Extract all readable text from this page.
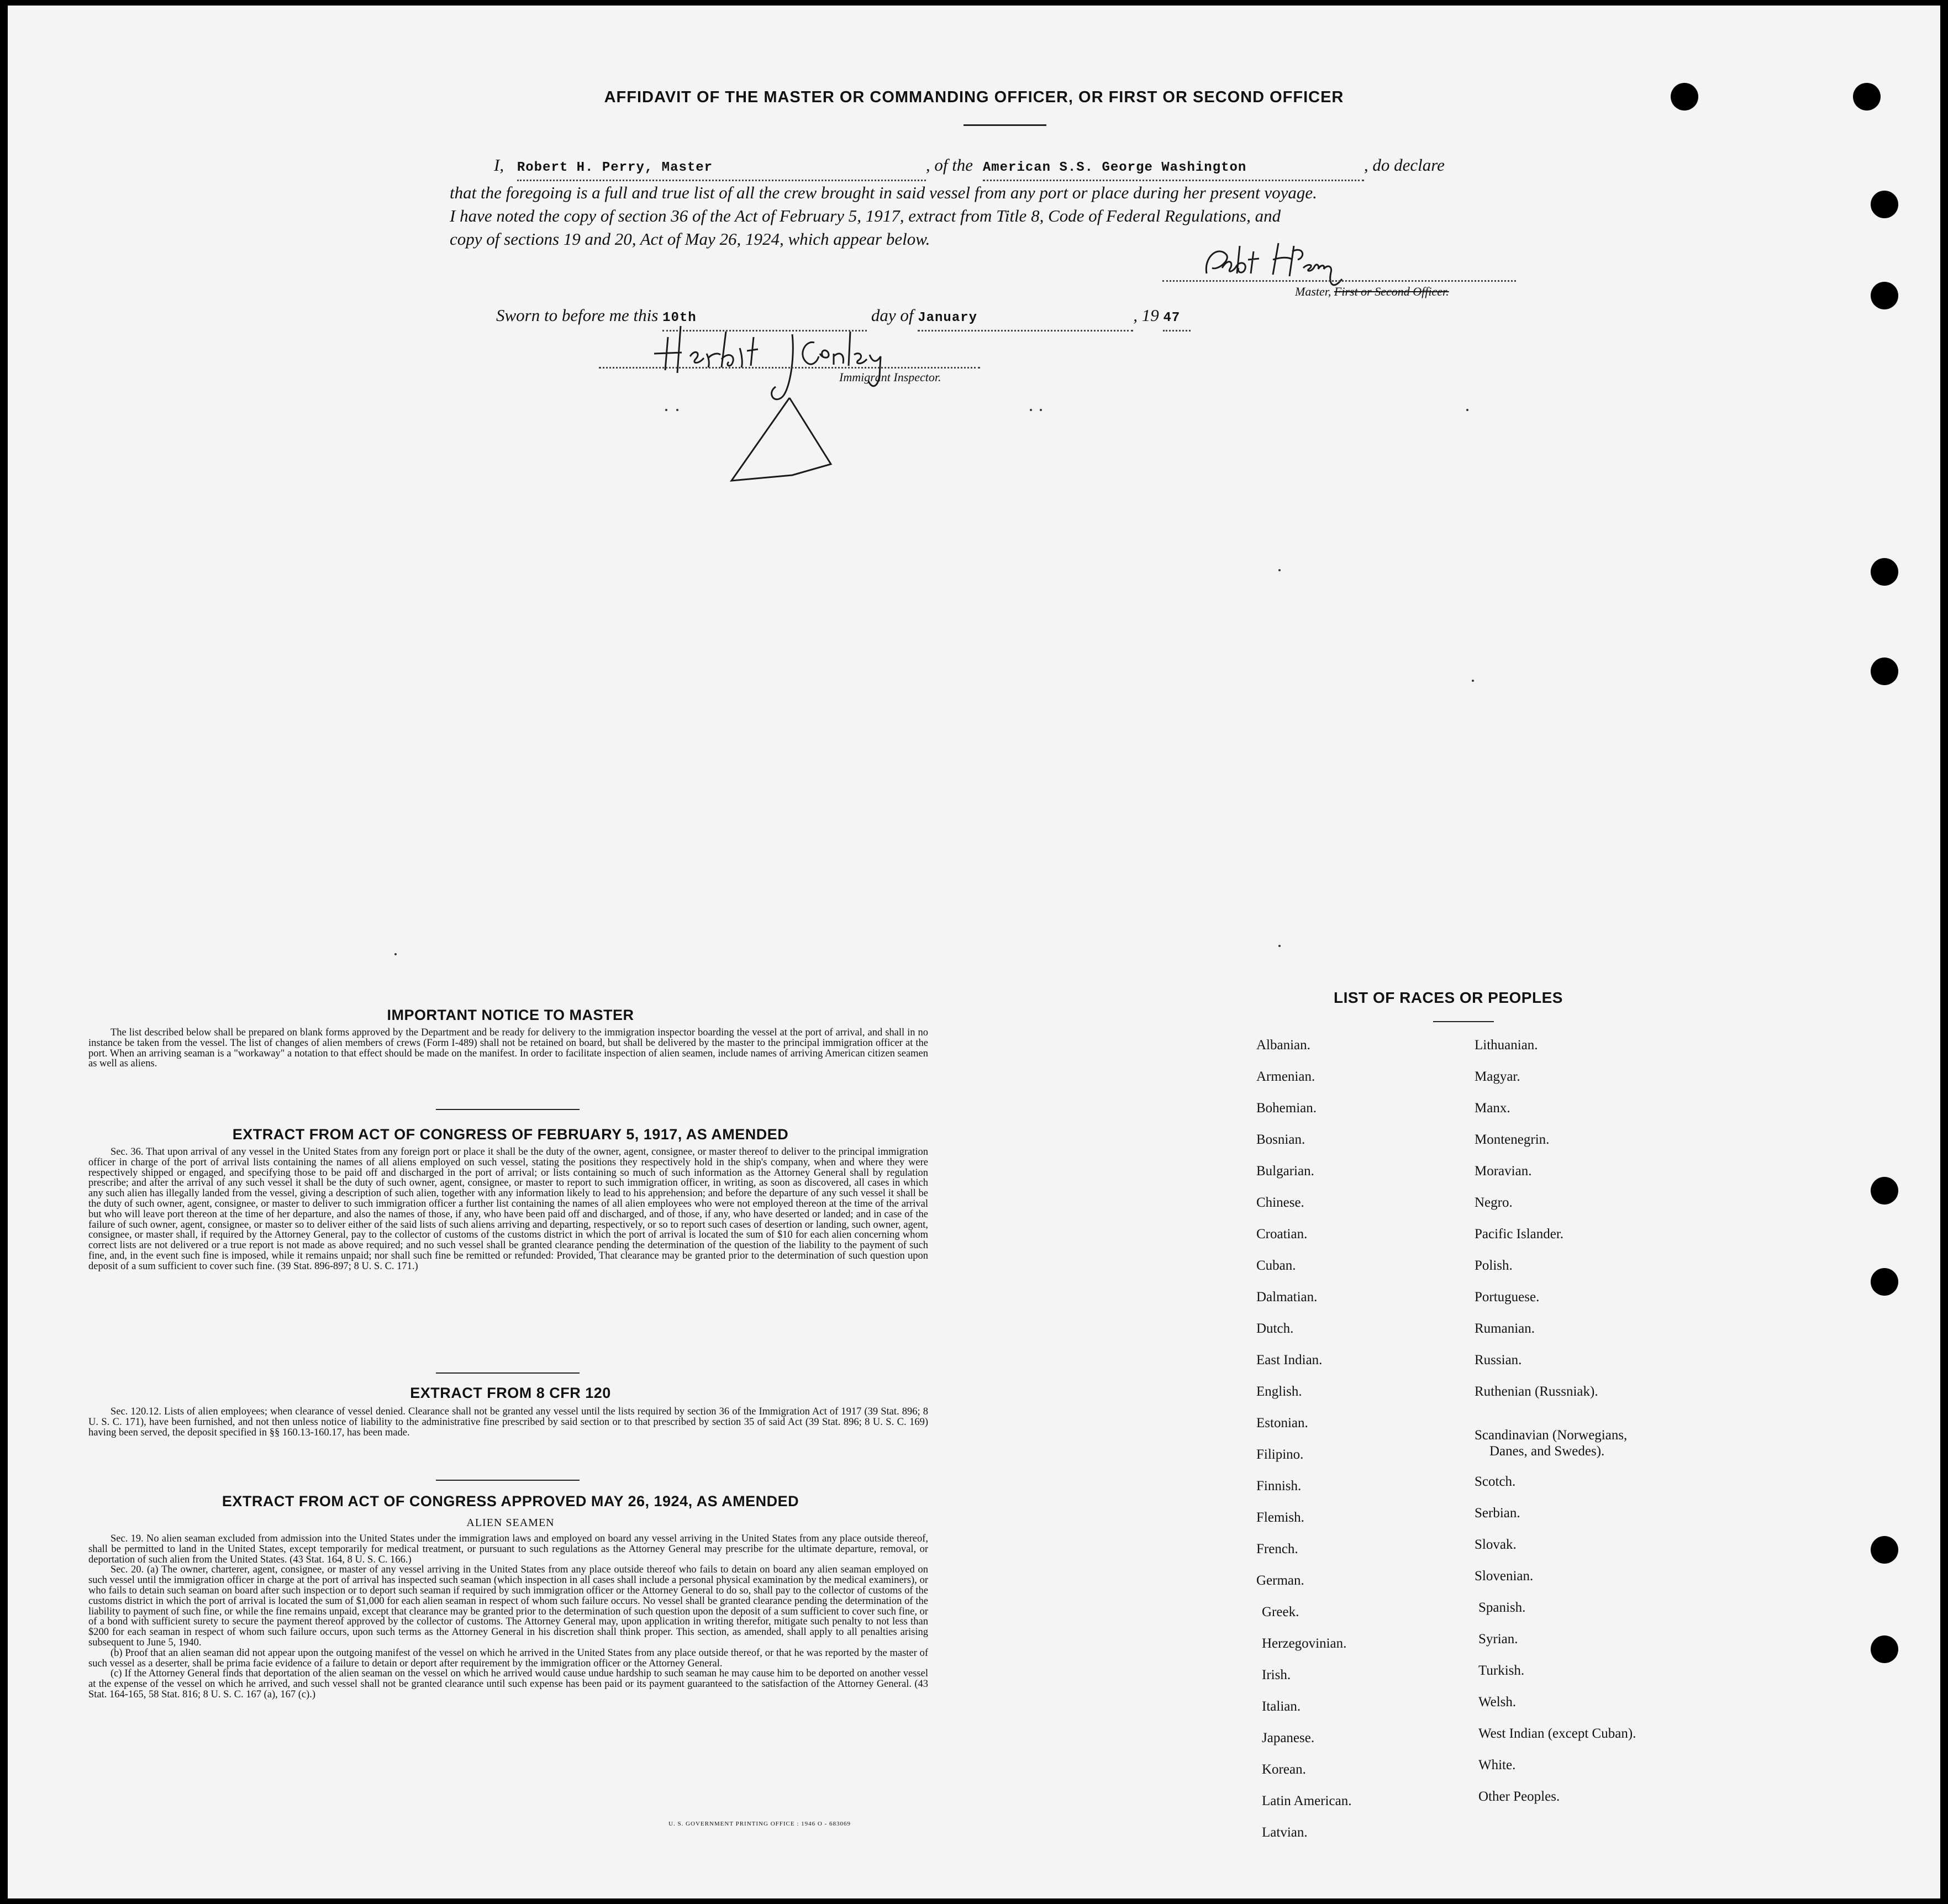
AFFIDAVIT OF THE MASTER OR COMMANDING OFFICER, OR FIRST OR SECOND OFFICER
I, Robert H. Perry, Master	, of the American S.S. George Washington	, do declare
that the foregoing is a full and true list of all the crew brought in said vessel from any port or place during her present voyage.
I have noted the copy of section 36 of the Act of February 5, 1917, extract from Title 8, Code of Federal Regulations, and
copy of sections 19 and 20, Act of May 26, 1924, which appear below.
Master, First or Second Officer.
Sworn to before me this 10th	day of January	, 19 47
Immigrant Inspector.
IMPORTANT NOTICE TO MASTER

The list described below shall be prepared on blank forms approved by the Department and be ready for delivery to the immigration inspector boarding the vessel at the port of arrival, and shall in no instance be taken from the vessel. The list of changes of alien members of crews (Form I-489) shall not be retained on board, but shall be delivered by the master to the principal immigration officer at the port. When an arriving seaman is a "workaway" a notation to that effect should be made on the manifest. In order to facilitate inspection of alien seamen, include names of arriving American citizen seamen as well as aliens.

EXTRACT FROM ACT OF CONGRESS OF FEBRUARY 5, 1917, AS AMENDED

Sec. 36. That upon arrival of any vessel in the United States from any foreign port or place it shall be the duty of the owner, agent, consignee, or master thereof to deliver to the principal immigration officer in charge of the port of arrival lists containing the names of all aliens employed on such vessel, stating the positions they respectively hold in the ship's company, when and where they were respectively shipped or engaged, and specifying those to be paid off and discharged in the port of arrival; or lists containing so much of such information as the Attorney General shall by regulation prescribe; and after the arrival of any such vessel it shall be the duty of such owner, agent, consignee, or master to report to such immigration officer, in writing, as soon as discovered, all cases in which any such alien has illegally landed from the vessel, giving a description of such alien, together with any information likely to lead to his apprehension; and before the departure of any such vessel it shall be the duty of such owner, agent, consignee, or master to deliver to such immigration officer a further list containing the names of all alien employees who were not employed thereon at the time of the arrival but who will leave port thereon at the time of her departure, and also the names of those, if any, who have been paid off and discharged, and of those, if any, who have deserted or landed; and in case of the failure of such owner, agent, consignee, or master so to deliver either of the said lists of such aliens arriving and departing, respectively, or so to report such cases of desertion or landing, such owner, agent, consignee, or master shall, if required by the Attorney General, pay to the collector of customs of the customs district in which the port of arrival is located the sum of $10 for each alien concerning whom correct lists are not delivered or a true report is not made as above required; and no such vessel shall be granted clearance pending the determination of the question of the liability to the payment of such fine, and, in the event such fine is imposed, while it remains unpaid; nor shall such fine be remitted or refunded: Provided, That clearance may be granted prior to the determination of such question upon deposit of a sum sufficient to cover such fine. (39 Stat. 896-897; 8 U. S. C. 171.)

EXTRACT FROM 8 CFR 120

Sec. 120.12. Lists of alien employees; when clearance of vessel denied. Clearance shall not be granted any vessel until the lists required by section 36 of the Immigration Act of 1917 (39 Stat. 896; 8 U. S. C. 171), have been furnished, and not then unless notice of liability to the administrative fine prescribed by said section or to that prescribed by section 35 of said Act (39 Stat. 896; 8 U. S. C. 169) having been served, the deposit specified in §§ 160.13-160.17, has been made.

EXTRACT FROM ACT OF CONGRESS APPROVED MAY 26, 1924, AS AMENDED
ALIEN SEAMEN

Sec. 19. No alien seaman excluded from admission into the United States under the immigration laws and employed on board any vessel arriving in the United States from any place outside thereof, shall be permitted to land in the United States, except temporarily for medical treatment, or pursuant to such regulations as the Attorney General may prescribe for the ultimate departure, removal, or deportation of such alien from the United States. (43 Stat. 164, 8 U. S. C. 166.)

Sec. 20. (a) The owner, charterer, agent, consignee, or master of any vessel arriving in the United States from any place outside thereof who fails to detain on board any alien seaman employed on such vessel until the immigration officer in charge at the port of arrival has inspected such seaman (which inspection in all cases shall include a personal physical examination by the medical examiners), or who fails to detain such seaman on board after such inspection or to deport such seaman if required by such immigration officer or the Attorney General to do so, shall pay to the collector of customs of the customs district in which the port of arrival is located the sum of $1,000 for each alien seaman in respect of whom such failure occurs. No vessel shall be granted clearance pending the determination of the liability to payment of such fine, or while the fine remains unpaid, except that clearance may be granted prior to the determination of such question upon the deposit of a sum sufficient to cover such fine, or of a bond with sufficient surety to secure the payment thereof approved by the collector of customs. The Attorney General may, upon application in writing therefor, mitigate such penalty to not less than $200 for each seaman in respect of whom such failure occurs, upon such terms as the Attorney General in his discretion shall think proper. This section, as amended, shall apply to all penalties arising subsequent to June 5, 1940.

(b) Proof that an alien seaman did not appear upon the outgoing manifest of the vessel on which he arrived in the United States from any place outside thereof, or that he was reported by the master of such vessel as a deserter, shall be prima facie evidence of a failure to detain or deport after requirement by the immigration officer or the Attorney General.

(c) If the Attorney General finds that deportation of the alien seaman on the vessel on which he arrived would cause undue hardship to such seaman he may cause him to be deported on another vessel at the expense of the vessel on which he arrived, and such vessel shall not be granted clearance until such expense has been paid or its payment guaranteed to the satisfaction of the Attorney General. (43 Stat. 164-165, 58 Stat. 816; 8 U. S. C. 167 (a), 167 (c).)

U. S. GOVERNMENT PRINTING OFFICE : 1946 O - 683069
LIST OF RACES OR PEOPLES
Albanian.
Armenian.
Bohemian.
Bosnian.
Bulgarian.
Chinese.
Croatian.
Cuban.
Dalmatian.
Dutch.
East Indian.
English.
Estonian.
Filipino.
Finnish.
Flemish.
French.
German.
Greek.
Herzegovinian.
Irish.
Italian.
Japanese.
Korean.
Latin American.
Latvian.
Lithuanian.
Magyar.
Manx.
Montenegrin.
Moravian.
Negro.
Pacific Islander.
Polish.
Portuguese.
Rumanian.
Russian.
Ruthenian (Russniak).
Scandinavian (Norwegians,
Danes, and Swedes).
Scotch.
Serbian.
Slovak.
Slovenian.
Spanish.
Syrian.
Turkish.
Welsh.
West Indian (except Cuban).
White.
Other Peoples.
